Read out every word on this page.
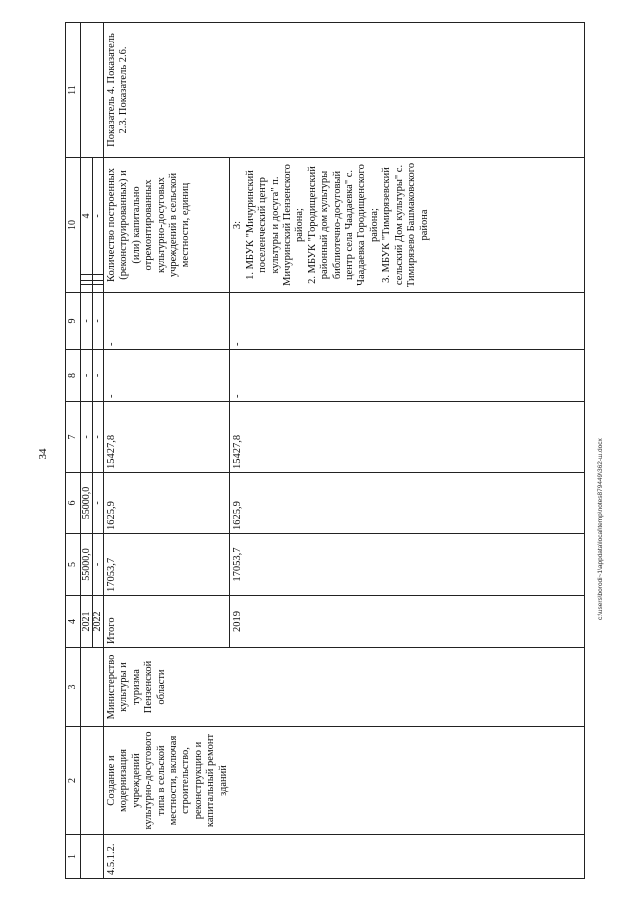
34	c:\users\borodi~1\appdata\local\temp\notes879449\362-ш.docx
1	2	3	4	5	6	7	8	9	10				11
			2021	55000,0	55000,0	-	-	-				4	
			2022	-	-	-	-	-				-	
4.5.1.2.	Создание и модернизация учреждений культурно-досугового типа в сельской местности, включая строительство, реконструкцию и капитальный ремонт зданий	Министерство культуры и туризма Пензенской области	Итого	17053,7	1625,9	15427,8	-	-	Количество построенных (реконструированных) и (или) капитально отремонтированных культурно-досуговых учреждений в сельской местности, единиц				Показатель 4. Показатель 2.3. Показатель 2.6.
			2019	17053,7	1625,9	15427,8	-	-	3:
1. МБУК "Мичуринский поселенческий центр культуры и досуга" п. Мичуринский Пензенского района;
2. МБУК "Городищенский районный дом культуры библиотечно-досуговый центр села Чаадаевка" с. Чаадаевка Городищенского района;
3. МБУК "Тимирязевский сельский Дом культуры" с. Тимирязево Башмаковского района				
